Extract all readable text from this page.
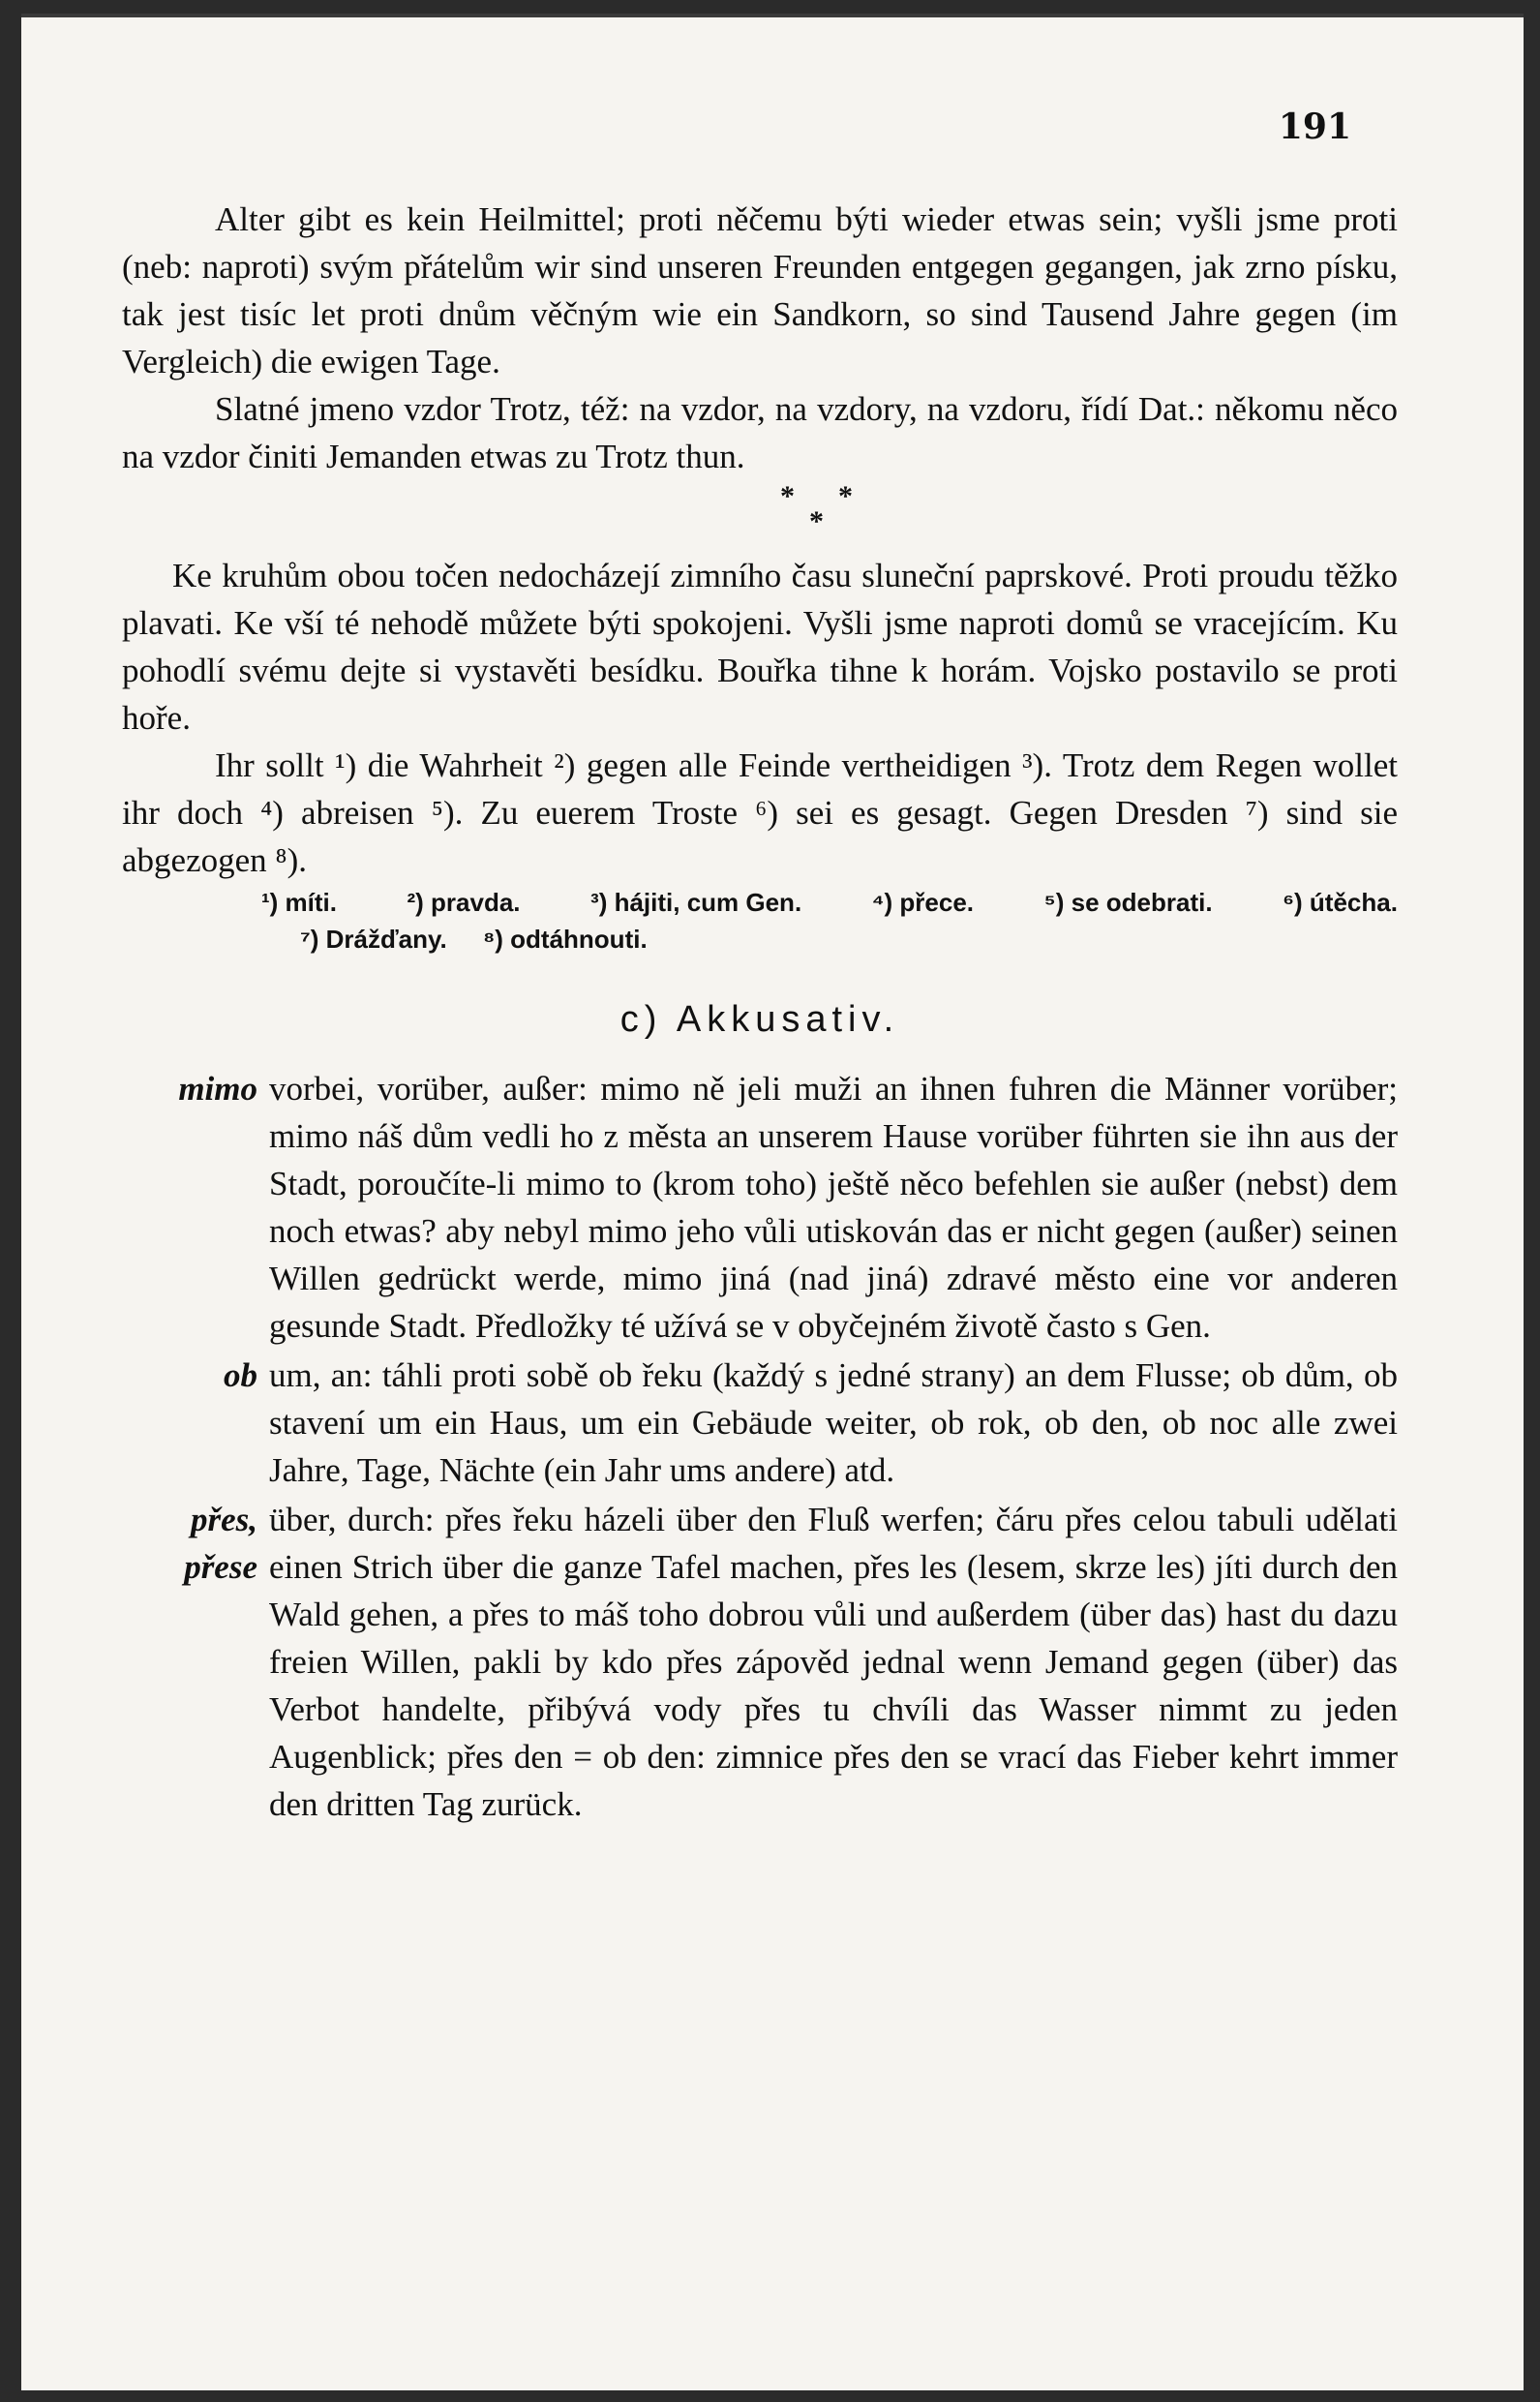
191

Alter gibt es kein Heilmittel; proti něčemu býti wieder etwas sein; vyšli jsme proti (neb: naproti) svým přátelům wir sind unseren Freunden entgegen gegangen, jak zrno písku, tak jest tisíc let proti dnům věčným wie ein Sandkorn, so sind Tausend Jahre gegen (im Vergleich) die ewigen Tage.

Slatné jmeno vzdor Trotz, též: na vzdor, na vzdory, na vzdoru, řídí Dat.: někomu něco na vzdor činiti Jemanden etwas zu Trotz thun.

* *
*

Ke kruhům obou točen nedocházejí zimního času sluneční paprskové. Proti proudu těžko plavati. Ke vší té nehodě můžete býti spokojeni. Vyšli jsme naproti domů se vracejícím. Ku pohodlí svému dejte si vystavěti besídku. Bouřka tihne k horám. Vojsko postavilo se proti hoře.

Ihr sollt ¹) die Wahrheit ²) gegen alle Feinde vertheidigen ³). Trotz dem Regen wollet ihr doch ⁴) abreisen ⁵). Zu euerem Troste ⁶) sei es gesagt. Gegen Dresden ⁷) sind sie abgezogen ⁸).

¹) míti.	²) pravda.	³) hájiti, cum Gen.	⁴) přece.	⁵) se odebrati.	⁶) útěcha.
⁷) Drážďany. ⁸) odtáhnouti.
c) Akkusativ.
mimo vorbei, vorüber, außer: mimo ně jeli muži an ihnen fuhren die Männer vorüber; mimo náš dům vedli ho z města an unserem Hause vorüber führten sie ihn aus der Stadt, poroučíte-li mimo to (krom toho) ještě něco befehlen sie außer (nebst) dem noch etwas? aby nebyl mimo jeho vůli utiskován das er nicht gegen (außer) seinen Willen gedrückt werde, mimo jiná (nad jiná) zdravé město eine vor anderen gesunde Stadt. Předložky té užívá se v obyčejném životě často s Gen.

ob um, an: táhli proti sobě ob řeku (každý s jedné strany) an dem Flusse; ob dům, ob stavení um ein Haus, um ein Gebäude weiter, ob rok, ob den, ob noc alle zwei Jahre, Tage, Nächte (ein Jahr ums andere) atd.

přes, přese

über, durch: přes řeku házeli über den Fluß werfen; čáru přes celou tabuli udělati einen Strich über die ganze Tafel machen, přes les (lesem, skrze les) jíti durch den Wald gehen, a přes to máš toho dobrou vůli und außerdem (über das) hast du dazu freien Willen, pakli by kdo přes zápověd jednal wenn Jemand gegen (über) das Verbot handelte, přibývá vody přes tu chvíli das Wasser nimmt zu jeden Augenblick; přes den = ob den: zimnice přes den se vrací das Fieber kehrt immer den dritten Tag zurück.
